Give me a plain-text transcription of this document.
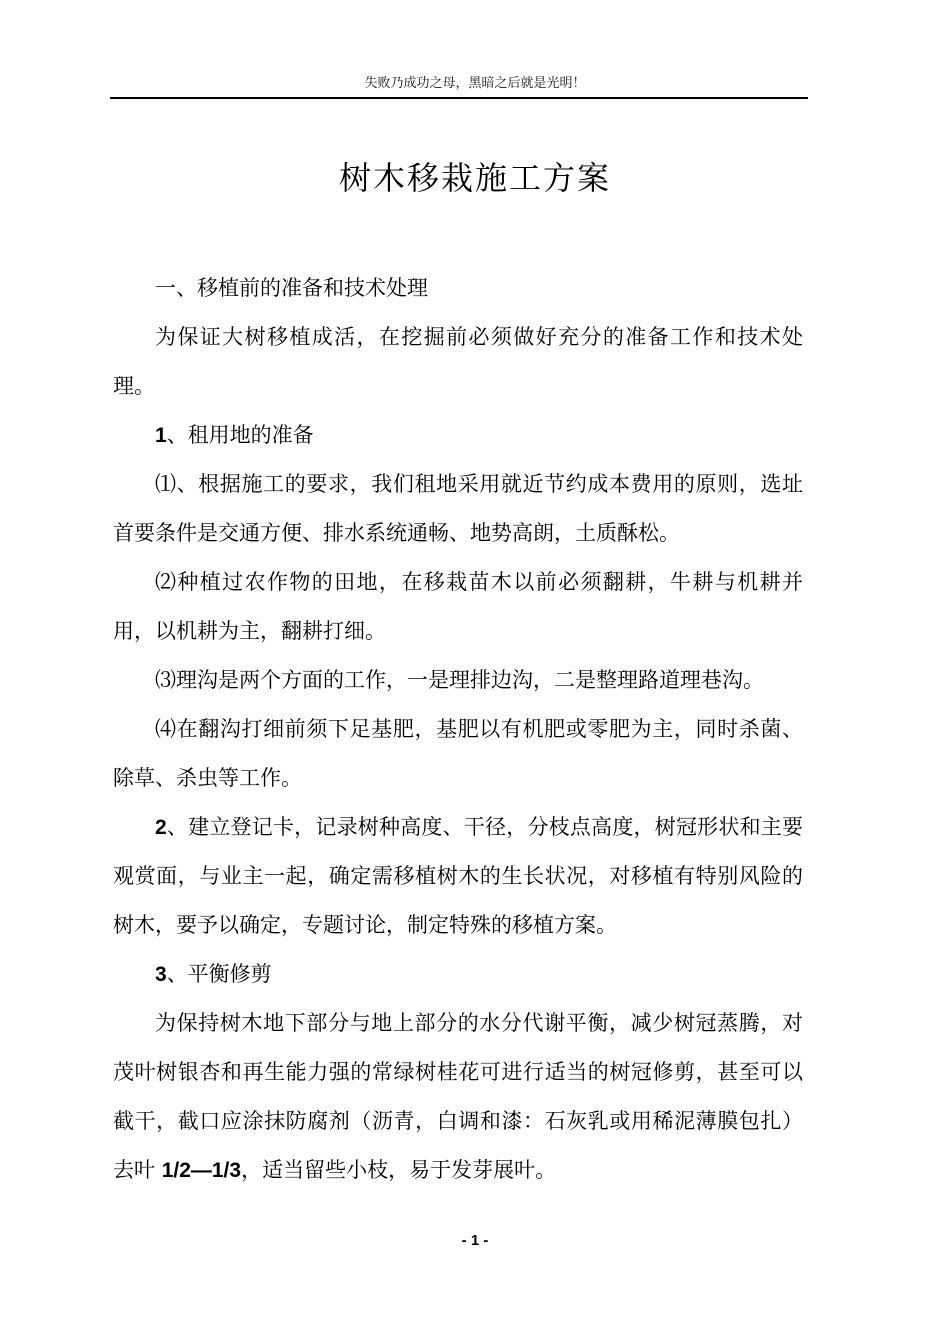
失败乃成功之母，黑暗之后就是光明！
树木移栽施工方案

一、移植前的准备和技术处理

为保证大树移植成活，在挖掘前必须做好充分的准备工作和技术处理。

1、租用地的准备

⑴、根据施工的要求，我们租地采用就近节约成本费用的原则，选址首要条件是交通方便、排水系统通畅、地势高朗，土质酥松。

⑵种植过农作物的田地，在移栽苗木以前必须翻耕，牛耕与机耕并用，以机耕为主，翻耕打细。

⑶理沟是两个方面的工作，一是理排边沟，二是整理路道理巷沟。

⑷在翻沟打细前须下足基肥，基肥以有机肥或零肥为主，同时杀菌、除草、杀虫等工作。

2、建立登记卡，记录树种高度、干径，分枝点高度，树冠形状和主要观赏面，与业主一起，确定需移植树木的生长状况，对移植有特别风险的树木，要予以确定，专题讨论，制定特殊的移植方案。

3、平衡修剪

为保持树木地下部分与地上部分的水分代谢平衡，减少树冠蒸腾，对茂叶树银杏和再生能力强的常绿树桂花可进行适当的树冠修剪，甚至可以截干，截口应涂抹防腐剂（沥青，白调和漆：石灰乳或用稀泥薄膜包扎）去叶 1/2—1/3，适当留些小枝，易于发芽展叶。

- 1 -
